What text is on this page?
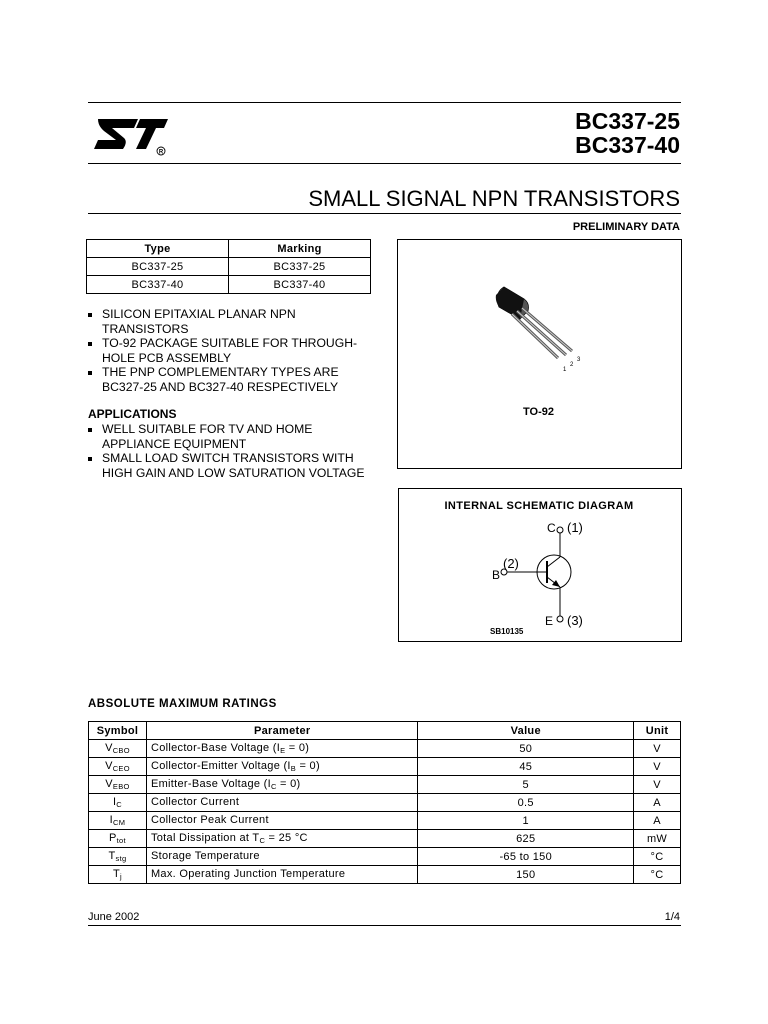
R
BC337-25
BC337-40
SMALL SIGNAL NPN TRANSISTORS
PRELIMINARY DATA
Type	Marking
BC337-25	BC337-25
BC337-40	BC337-40
SILICON EPITAXIAL PLANAR NPN TRANSISTORS
TO-92 PACKAGE SUITABLE FOR THROUGH-HOLE PCB ASSEMBLY
THE PNP COMPLEMENTARY TYPES ARE BC327-25 AND BC327-40 RESPECTIVELY
APPLICATIONS
WELL SUITABLE FOR TV AND HOME APPLIANCE EQUIPMENT
SMALL LOAD SWITCH TRANSISTORS WITH HIGH GAIN AND LOW SATURATION VOLTAGE
1
2
3
TO-92
INTERNAL SCHEMATIC DIAGRAM
C (1)
(2)
B
E (3)
SB10135
ABSOLUTE MAXIMUM RATINGS
Symbol	Parameter	Value	Unit
$V_{CBO}$	Collector-Base Voltage $(I_E = 0)$	50	V
$V_{CEO}$	Collector-Emitter Voltage $(I_B = 0)$	45	V
$V_{EBO}$	Emitter-Base Voltage $(I_C = 0)$	5	V
$I_C$	Collector Current	0.5	A
$I_{CM}$	Collector Peak Current	1	A
$P_{tot}$	Total Dissipation at $T_C = 25$ °C	625	mW
$T_{stg}$	Storage Temperature	-65 to 150	°C
$T_j$	Max. Operating Junction Temperature	150	°C
June 2002	1/4
